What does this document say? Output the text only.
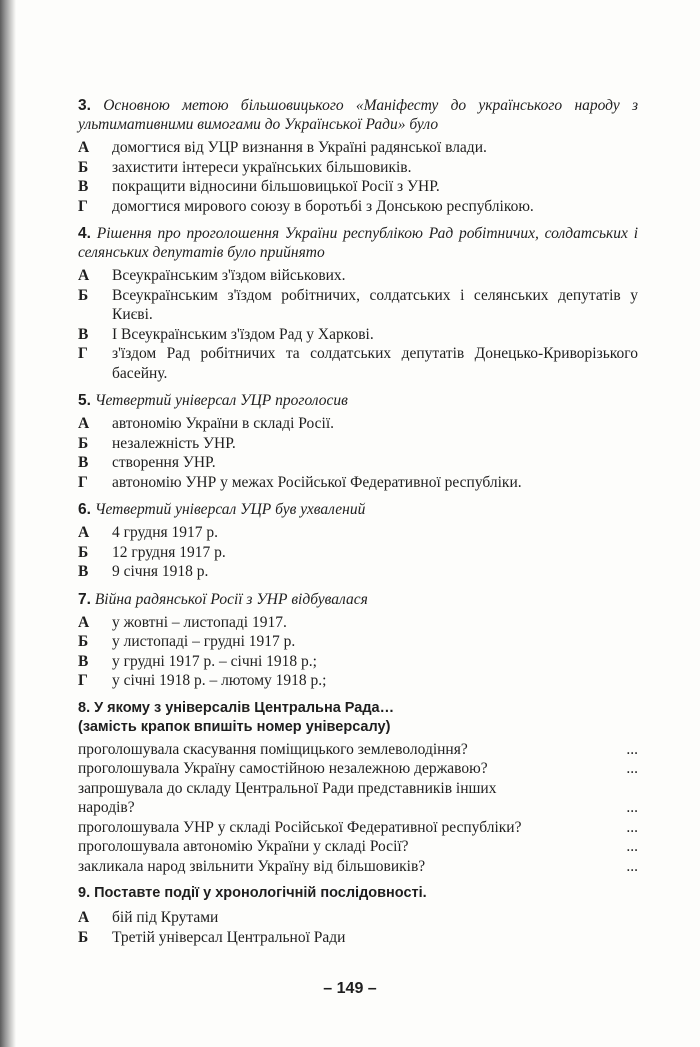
3. Основною метою більшовицького «Маніфесту до українського народу з ультимативними вимогами до Української Ради» було

А	домогтися від УЦР визнання в Україні радянської влади.
Б	захистити інтереси українських більшовиків.
В	покращити відносини більшовицької Росії з УНР.
Г	домогтися мирового союзу в боротьбі з Донською республікою.

4. Рішення про проголошення України республікою Рад робітничих, солдатських і селянських депутатів було прийнято

А	Всеукраїнським з'їздом військових.
Б	Всеукраїнським з'їздом робітничих, солдатських і селянських депутатів у Києві.
В	І Всеукраїнським з'їздом Рад у Харкові.
Г	з'їздом Рад робітничих та солдатських депутатів Донецько-Криворізького басейну.

5. Четвертий універсал УЦР проголосив

А	автономію України в складі Росії.
Б	незалежність УНР.
В	створення УНР.
Г	автономію УНР у межах Російської Федеративної республіки.

6. Четвертий універсал УЦР був ухвалений

А	4 грудня 1917 р.
Б	12 грудня 1917 р.
В	9 січня 1918 р.

7. Війна радянської Росії з УНР відбувалася

А	у жовтні – листопаді 1917.
Б	у листопаді – грудні 1917 р.
В	у грудні 1917 р. – січні 1918 р.;
Г	у січні 1918 р. – лютому 1918 р.;

8. У якому з універсалів Центральна Рада…

(замість крапок впишіть номер універсалу)

проголошувала скасування поміщицького землеволодіння?	...
проголошувала Україну самостійною незалежною державою?	...
запрошувала до складу Центральної Ради представників інших народів?	...
проголошувала УНР у складі Російської Федеративної республіки?	...
проголошувала автономію України у складі Росії?	...
закликала народ звільнити Україну від більшовиків?	...

9. Поставте події у хронологічній послідовності.

А	бій під Крутами
Б	Третій універсал Центральної Ради
– 149 –
